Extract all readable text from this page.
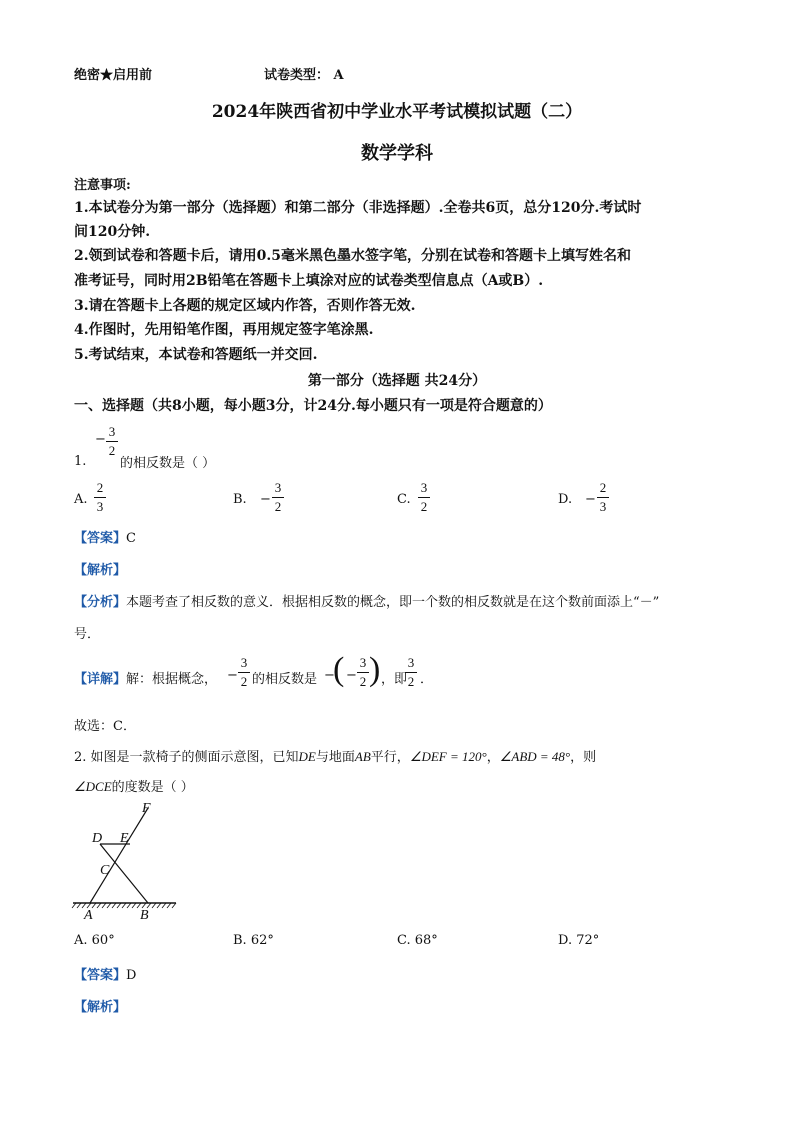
绝密★启用前	试卷类型： A
2024年陕西省初中学业水平考试模拟试题（二）
数学学科
注意事项:
1.本试卷分为第一部分（选择题）和第二部分（非选择题）.全卷共6页，总分120分.考试时
间120分钟.
2.领到试卷和答题卡后，请用0.5毫米黑色墨水签字笔，分别在试卷和答题卡上填写姓名和
准考证号，同时用2B铅笔在答题卡上填涂对应的试卷类型信息点（A或B）.
3.请在答题卡上各题的规定区域内作答，否则作答无效.
4.作图时，先用铅笔作图，再用规定签字笔涂黑.
5.考试结束，本试卷和答题纸一并交回.
第一部分（选择题 共24分）
一、选择题（共8小题，每小题3分，计24分.每小题只有一项是符合题意的）
−
3
2
1.	的相反数是（ ）
A.
2
3	B. −
3
2	C.
3
2	D. −
2
3
【答案】C
【解析】
【分析】本题考查了相反数的意义．根据相反数的概念，即一个数的相反数就是在这个数前面添上“－”
号．
【详解】解：根据概念， −
3
2 的相反数是 −
( −
3
2 ) ，即
3
2 ．
故选：C．
2. 如图是一款椅子的侧面示意图，已知DE与地面AB平行，∠DEF = 120°，∠ABD = 48°，则
∠DCE的度数是（ ）
F
D E
C
A	B
A. 60°	B. 62°	C. 68°	D. 72°
【答案】D
【解析】
